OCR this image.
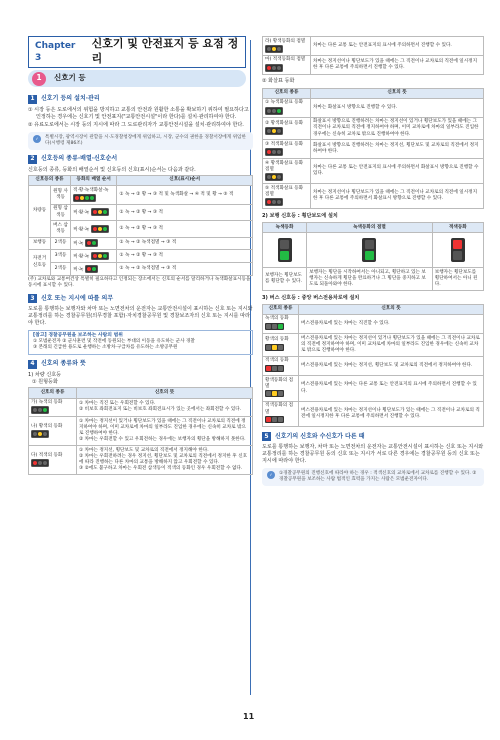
Chapter 3
신호기 및 안전표지 등 요점 정리
1	신호기 등
1	신호기 등의 설치·관리

① 시장 등은 도로에서의 위험을 방지하고 교통의 안전과 원활한 소통을 확보하기 위하여 필요하다고 인정하는 경우에는 신호기 및 안전표지("교통안전시설"이라 한다)를 설치·관리하여야 한다.

② 유료도로에서는 시장 등의 지시에 따라 그 도로관리자가 교통안전시설을 설치·관리하여야 한다.

✓	특별시장, 광역시장이 관할을 시·도경찰청장에게 위임하고, 시장, 군수의 권한을 경찰서장에게 위임한다(시행령 제86조)
2	신호등의 종류·배열·신호순서

신호등의 종류, 등화의 배열순서 및 신호등의 신호(표시)순서는 다음과 같다.

신호등의 종류		등화의 배열 순서	신호(표시)순서
차량등	원형 사색등	적·황·녹색화살·녹	① 녹 → ② 황 → ③ 적 및 녹색화살 → ④ 적 및 황 → ⑤ 적
	원형 삼색등	적·황·녹	① 녹 → ② 황 → ③ 적
	버스 삼색등	적·황·녹	① 녹 → ② 황 → ③ 적
보행등	2색등	적·녹	① 녹 → ② 녹색점멸 → ③ 적
자전거 신호등	3색등	적·황·녹	① 녹 → ② 황 → ③ 적
	2색등	적·녹	① 녹 → ② 녹색점멸 → ③ 적

(주) 교차로와 교통여건상 특별히 필요하다고 인정되는 장소에서는 신호의 순서를 달리하거나 녹색화살표시등을 동시에 표시할 수 있다.

3	신호 또는 지시에 따를 의무

도로를 통행하는 보행자와 차마 또는 노면전차의 운전자는 교통안전시설이 표시하는 신호 또는 지시와 교통정리를 하는 경찰공무원(의무경찰 포함)·자치경찰공무원 및 경찰보조자의 신호 또는 지시를 따라야 한다.

[참고] 경찰공무원을 보조하는 사람의 범위
① 모범운전자 ② 군사훈련 및 작전에 동원되는 부대의 이동을 유도하는 군사 경찰
③ 본래의 긴급한 용도로 운행하는 소방차·구급차를 유도하는 소방공무원
4	신호의 종류와 뜻

1) 차량 신호등

① 원형등화

신호의 종류	신호의 뜻
가) 녹색의 등화	① 차마는 직진 또는 우회전할 수 있다.
② 비보호 좌회전표지 또는 비보호 좌회전표시가 있는 곳에서는 좌회전할 수 있다.
나) 황색의 등화	① 차마는 정지선이 있거나 횡단보도가 있을 때에는 그 직전이나 교차로의 직전에 정지하여야 하며, 이미 교차로에 차마의 일부라도 진입한 경우에는 신속히 교차로 밖으로 진행하여야 한다.
② 차마는 우회전할 수 있고 우회전하는 경우에는 보행자의 횡단을 방해하지 못한다.
다) 적색의 등화	① 차마는 정지선, 횡단보도 및 교차로의 직전에서 정지해야 한다.
② 차마는 우회전하려는 경우 정지선, 횡단보도 및 교차로의 직전에서 정지한 후 신호에 따라 진행하는 다른 차마의 교통을 방해하지 않고 우회전할 수 있다.
③ ②에도 불구하고 차마는 우회전 삼색등이 적색의 등화인 경우 우회전할 수 없다.
라) 황색등화의 점멸	차마는 다른 교통 또는 안전표지의 표시에 주의하면서 진행할 수 있다.
마) 적색등화의 점멸	차마는 정지선이나 횡단보도가 있을 때에는 그 직전이나 교차로의 직전에 일시정지한 후 다른 교통에 주의하면서 진행할 수 있다.

② 화살표 등화

신호의 종류	신호의 뜻
① 녹색화살표 등화	차마는 화살표시 방향으로 진행할 수 있다.
② 황색화살표 등화	화살표시 방향으로 진행하려는 차마는 정지선이 있거나 횡단보도가 있을 때에는 그 직전이나 교차로의 직전에 정지하여야 하며, 이미 교차로에 차마의 일부라도 진입한 경우에는 신속히 교차로 밖으로 진행하여야 한다.
③ 적색화살표 등화	화살표시 방향으로 진행하려는 차마는 정지선, 횡단보도 및 교차로의 직전에서 정지하여야 한다.
④ 황색화살표 등화 점멸	차마는 다른 교통 또는 안전표지의 표시에 주의하면서 화살표시 방향으로 진행할 수 있다.
⑤ 적색화살표 등화 점멸	차마는 정지선이나 횡단보도가 있을 때에는 그 직전이나 교차로의 직전에 일시정지한 후 다른 교통에 주의하면서 화살표시 방향으로 진행할 수 있다.

2) 보행 신호등 : 횡단보도에 설치

녹색등화	녹색등화의 점멸	적색등화

보행자는 횡단보도를 횡단할 수 있다.	보행자는 횡단을 시작하여서는 아니되고, 횡단하고 있는 보행자는 신속하게 횡단을 완료하거나 그 횡단을 중지하고 보도로 되돌아와야 한다.	보행자는 횡단보도를 횡단하여서는 아니 된다.

3) 버스 신호등 : 중앙 버스전용차로에 설치

신호의 종류	신호의 뜻
녹색의 등화	버스전용차로에 있는 차마는 직진할 수 있다.
황색의 등화	버스전용차로에 있는 차마는 정지선이 있거나 횡단보도가 있을 때에는 그 직전이나 교차로의 직전에 정지하여야 하며, 이미 교차로에 차마의 일부라도 진입한 경우에는 신속히 교차로 밖으로 진행하여야 한다.
적색의 등화	버스전용차로에 있는 차마는 정지선, 횡단보도 및 교차로의 직전에서 정지하여야 한다.
황색등화의 점멸	버스전용차로에 있는 차마는 다른 교통 또는 안전표지의 표시에 주의하면서 진행할 수 있다.
적색등화의 점멸	버스전용차로에 있는 차마는 정지선이나 횡단보도가 있는 때에는 그 직전이나 교차로의 직전에 일시정지한 후 다른 교통에 주의하면서 진행할 수 있다.
5	신호기의 신호와 수신호가 다른 때

도로를 통행하는 보행자, 차마 또는 노면전차의 운전자는 교통안전시설이 표시하는 신호 또는 지시와 교통정리를 하는 경찰공무원 등의 신호 또는 지시가 서로 다른 경우에는 경찰공무원 등의 신호 또는 지시에 따라야 한다.

✓	①경찰공무원의 진행신호에 따라야 하는 경우 : 적색신호의 교차로에서 교차로를 진행할 수 있다. ②경찰공무원을 보조하는 사람 법적인 효력을 가지는 사람은 모범운전자이다.
11
